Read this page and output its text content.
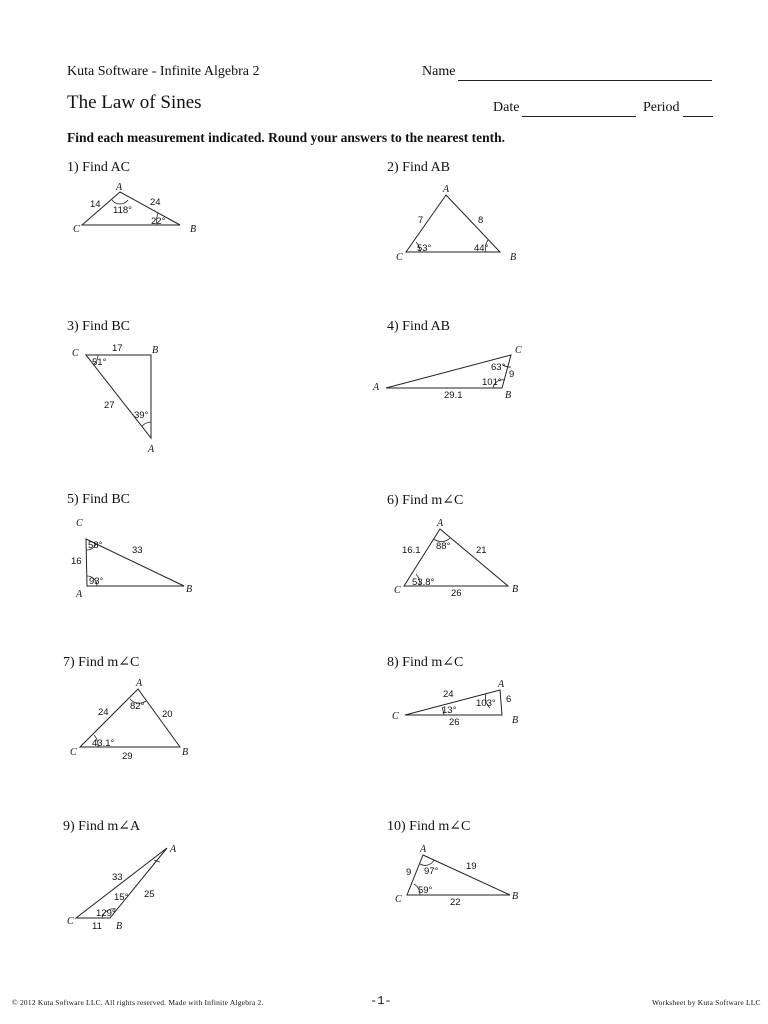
Kuta Software - Infinite Algebra 2	Name
The Law of Sines	Date	Period
Find each measurement indicated. Round your answers to the nearest tenth.
1) Find AC
A
B
C
14	24
118°
22°
2) Find AB
A
B
C
7	8
53°	44°
3) Find BC
C	B
A
17
27
51°
39°
4) Find AB
C
B
A
9
29.1
63°
101°
5) Find BC
C
B
A
16
33
58°
93°
6) Find m∠C
A
B
C
16.1	21
26
88°
53.8°
7) Find m∠C
A
B
C
24	20
29
82°
43.1°
8) Find m∠C
A
B
C
24	6
26
103°
13°
9) Find m∠A
A
B
C
33
25
11
15°
129°
10) Find m∠C
A
B
C
9
19
22
97°
59°
© 2012 Kuta Software LLC. All rights reserved. Made with Infinite Algebra 2.	-1-	Worksheet by Kuta Software LLC
